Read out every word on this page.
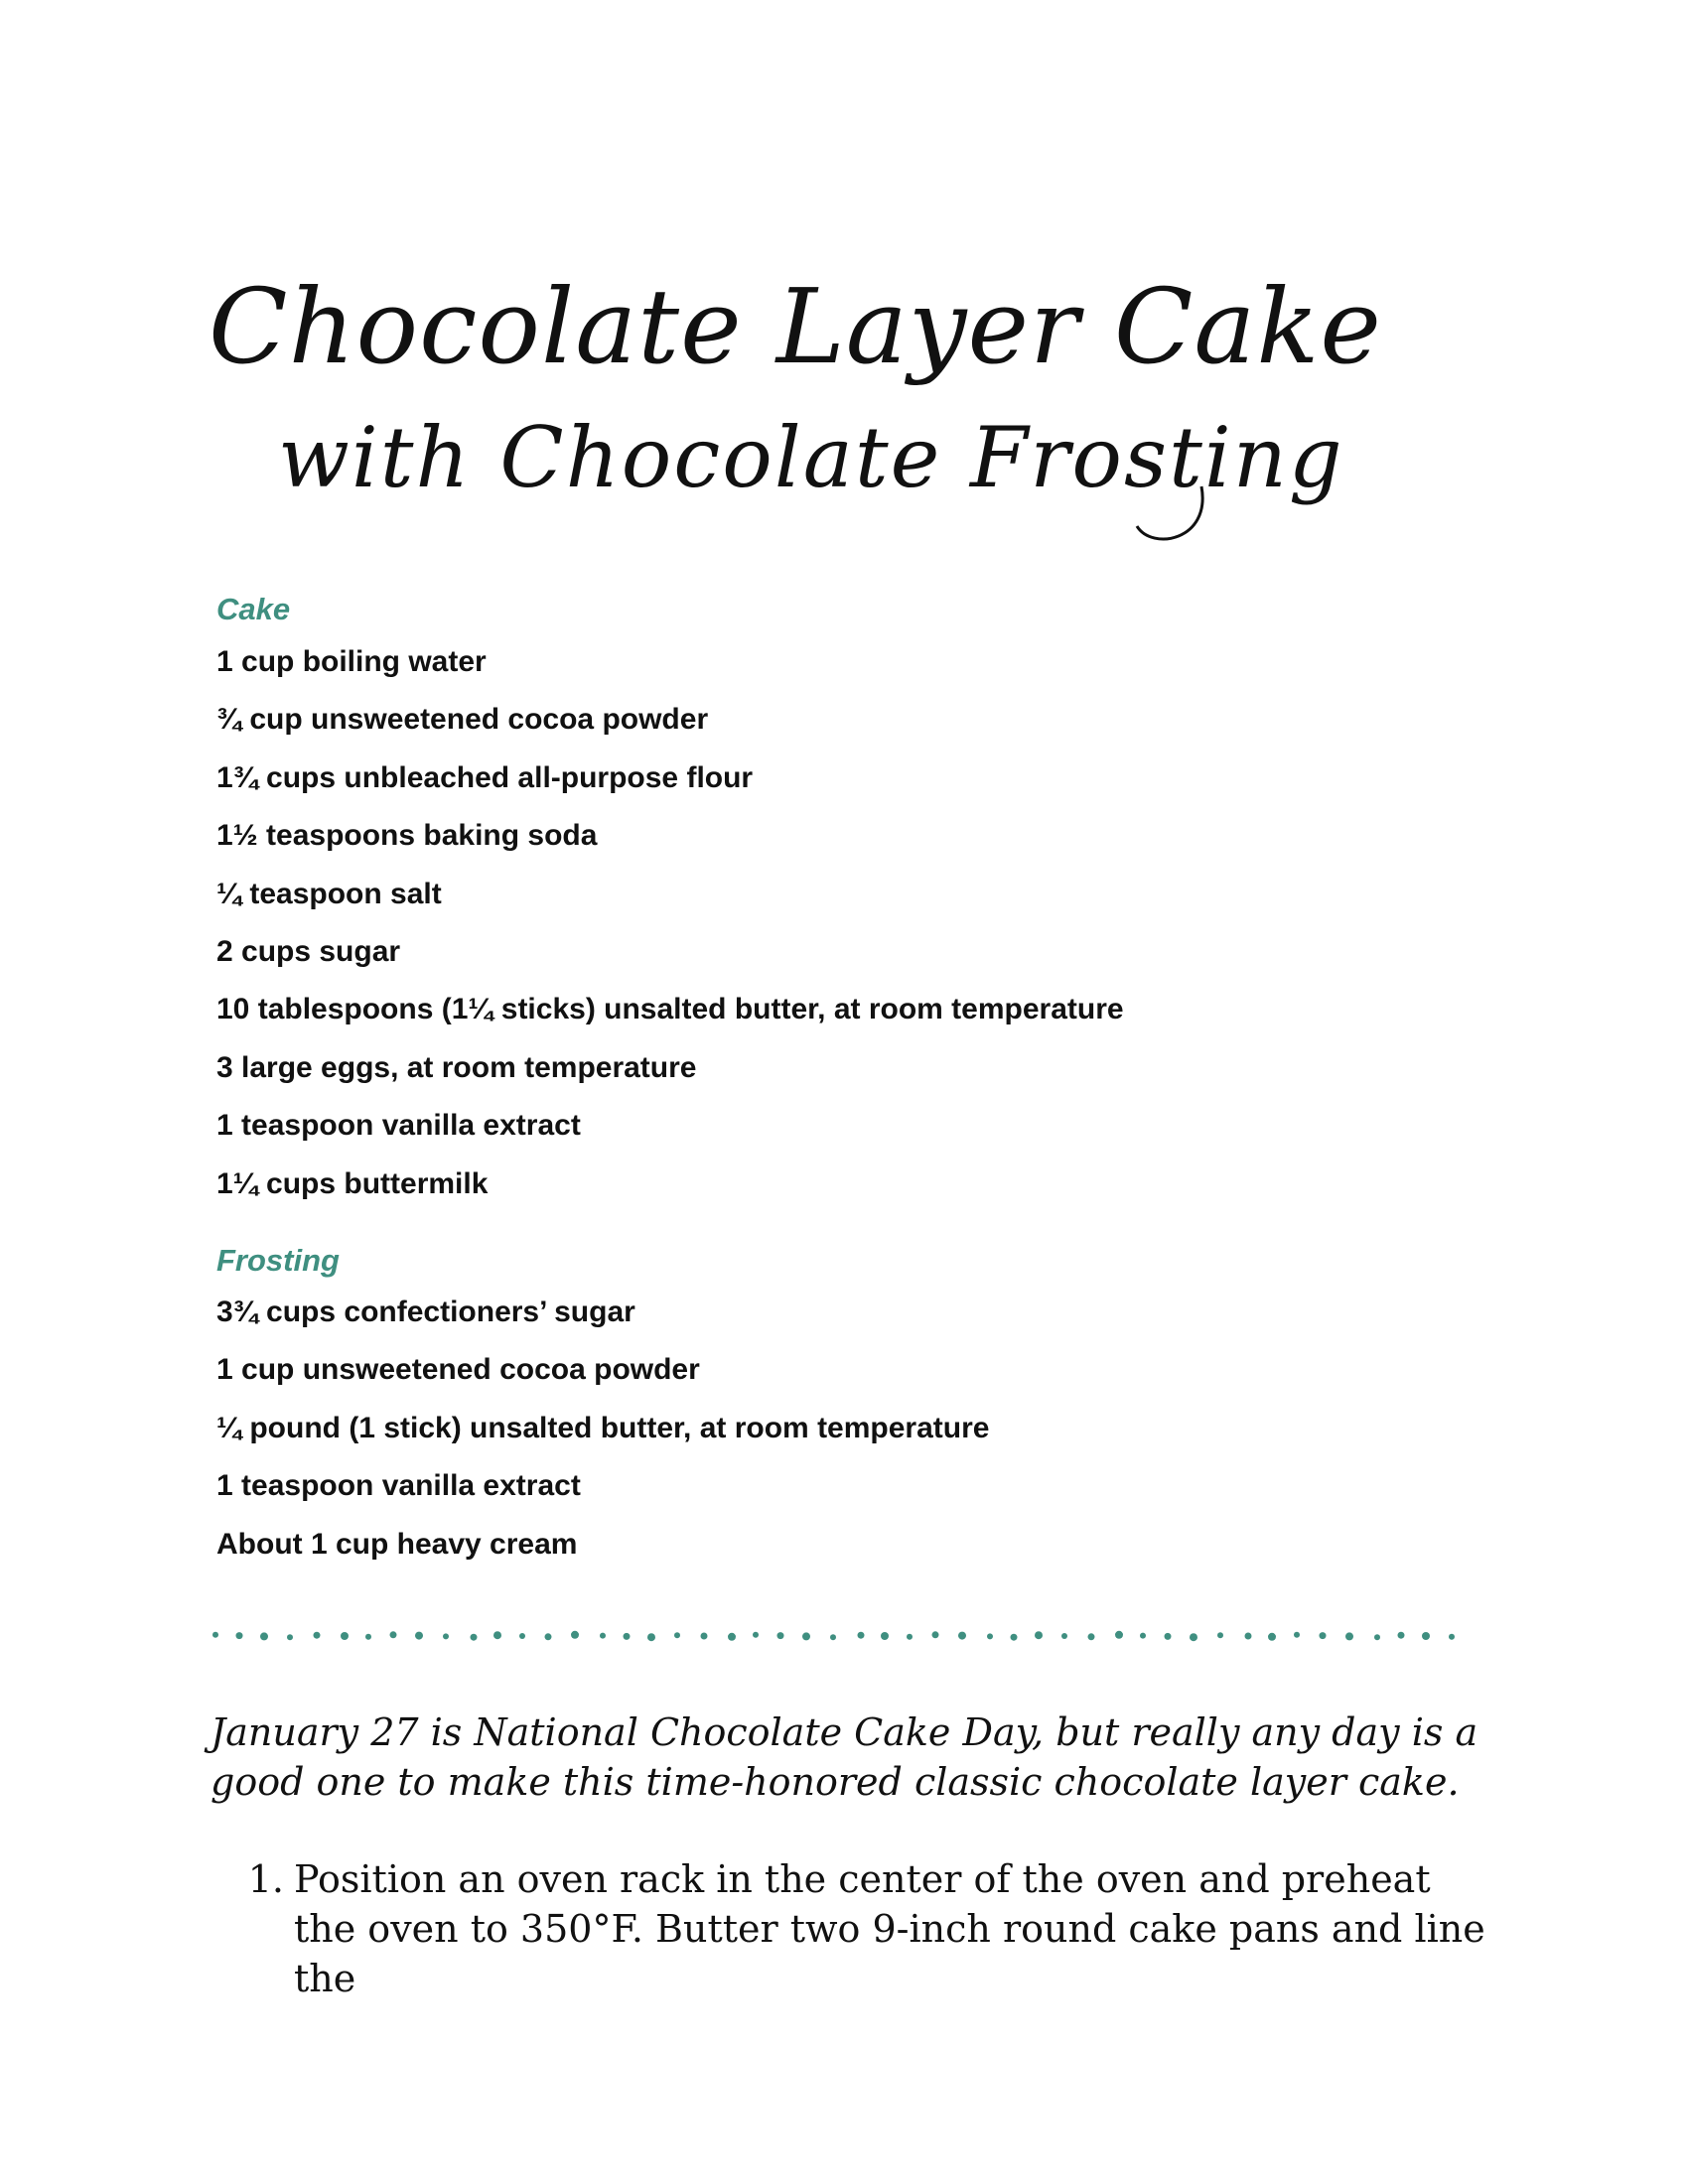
Chocolate Layer Cake
with Chocolate Frosting
Cake
1 cup boiling water
¾ cup unsweetened cocoa powder
1¾ cups unbleached all-purpose flour
1½ teaspoons baking soda
¼ teaspoon salt
2 cups sugar
10 tablespoons (1¼ sticks) unsalted butter, at room temperature
3 large eggs, at room temperature
1 teaspoon vanilla extract
1¼ cups buttermilk
Frosting
3¾ cups confectioners’ sugar
1 cup unsweetened cocoa powder
¼ pound (1 stick) unsalted butter, at room temperature
1 teaspoon vanilla extract
About 1 cup heavy cream

January 27 is National Chocolate Cake Day, but really any day is a good one to make this time-honored classic chocolate layer cake.

1. Position an oven rack in the center of the oven and preheat the oven to 350°F. Butter two 9-inch round cake pans and line the
